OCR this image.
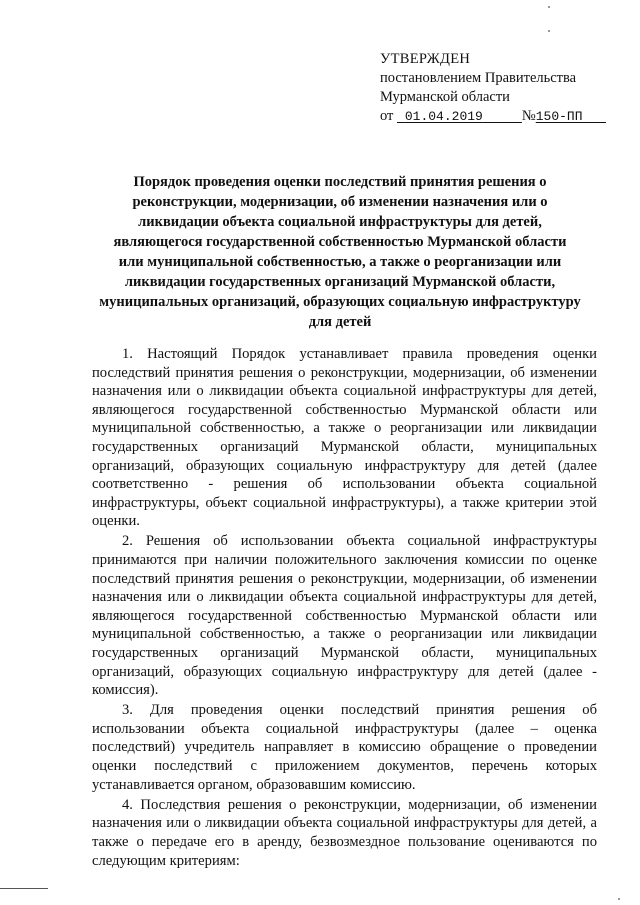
УТВЕРЖДЕН
постановлением Правительства
Мурманской области
от 01.04.2019	№150-ПП
Порядок проведения оценки последствий принятия решения о
реконструкции, модернизации, об изменении назначения или о
ликвидации объекта социальной инфраструктуры для детей,
являющегося государственной собственностью Мурманской области
или муниципальной собственностью, а также о реорганизации или
ликвидации государственных организаций Мурманской области,
муниципальных организаций, образующих социальную инфраструктуру
для детей

1. Настоящий Порядок устанавливает правила проведения оценки последствий принятия решения о реконструкции, модернизации, об изменении назначения или о ликвидации объекта социальной инфраструктуры для детей, являющегося государственной собственностью Мурманской области или муниципальной собственностью, а также о реорганизации или ликвидации государственных организаций Мурманской области, муниципальных организаций, образующих социальную инфраструктуру для детей (далее соответственно - решения об использовании объекта социальной инфраструктуры, объект социальной инфраструктуры), а также критерии этой оценки.

2. Решения об использовании объекта социальной инфраструктуры принимаются при наличии положительного заключения комиссии по оценке последствий принятия решения о реконструкции, модернизации, об изменении назначения или о ликвидации объекта социальной инфраструктуры для детей, являющегося государственной собственностью Мурманской области или муниципальной собственностью, а также о реорганизации или ликвидации государственных организаций Мурманской области, муниципальных организаций, образующих социальную инфраструктуру для детей (далее - комиссия).

3. Для проведения оценки последствий принятия решения об использовании объекта социальной инфраструктуры (далее – оценка последствий) учредитель направляет в комиссию обращение о проведении оценки последствий с приложением документов, перечень которых устанавливается органом, образовавшим комиссию.

4. Последствия решения о реконструкции, модернизации, об изменении назначения или о ликвидации объекта социальной инфраструктуры для детей, а также о передаче его в аренду, безвозмездное пользование оцениваются по следующим критериям:
